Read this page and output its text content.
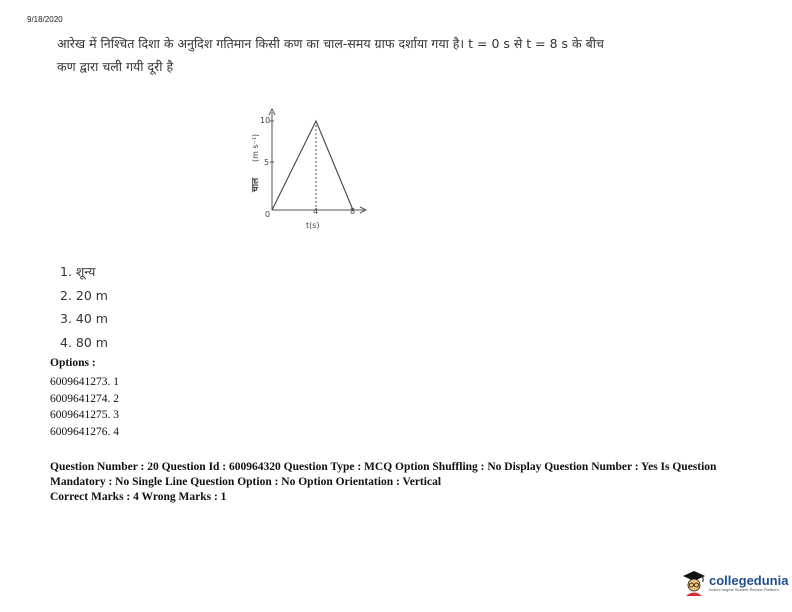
9/18/2020
आरेख में निश्चित दिशा के अनुदिश गतिमान किसी कण का चाल-समय ग्राफ दर्शाया गया है। t = 0 s से t = 8 s के बीच
कण द्वारा चली गयी दूरी है
10
5
0	4	8
t(s)
चाल
(m s⁻¹)
1. शून्य
2. 20 m
3. 40 m
4. 80 m
Options :
6009641273. 1
6009641274. 2
6009641275. 3
6009641276. 4
Question Number : 20 Question Id : 600964320 Question Type : MCQ Option Shuffling : No Display Question Number : Yes Is Question Mandatory : No Single Line Question Option : No Option Orientation : Vertical
Correct Marks : 4 Wrong Marks : 1
collegedunia
India's largest Student Review Platform
